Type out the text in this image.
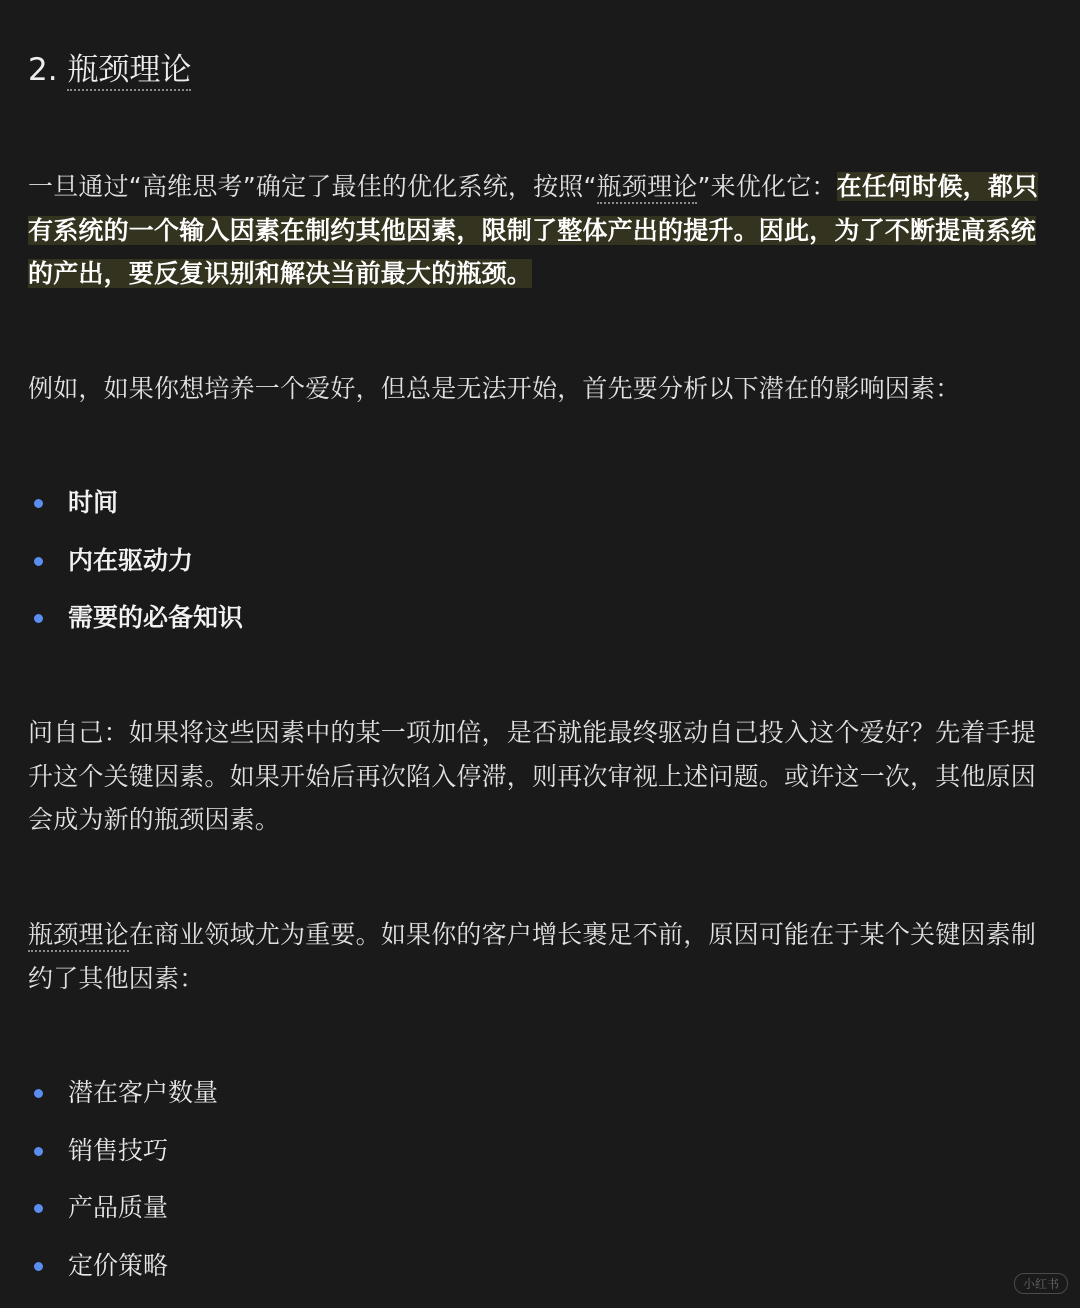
2. 瓶颈理论

一旦通过“高维思考”确定了最佳的优化系统，按照“瓶颈理论”来优化它：在任何时候，都只有系统的一个输入因素在制约其他因素，限制了整体产出的提升。因此，为了不断提高系统的产出，要反复识别和解决当前最大的瓶颈。

例如，如果你想培养一个爱好，但总是无法开始，首先要分析以下潜在的影响因素：

时间
内在驱动力
需要的必备知识

问自己：如果将这些因素中的某一项加倍，是否就能最终驱动自己投入这个爱好？先着手提升这个关键因素。如果开始后再次陷入停滞，则再次审视上述问题。或许这一次，其他原因会成为新的瓶颈因素。

瓶颈理论在商业领域尤为重要。如果你的客户增长裹足不前，原因可能在于某个关键因素制约了其他因素：

潜在客户数量
销售技巧
产品质量
定价策略
小红书
